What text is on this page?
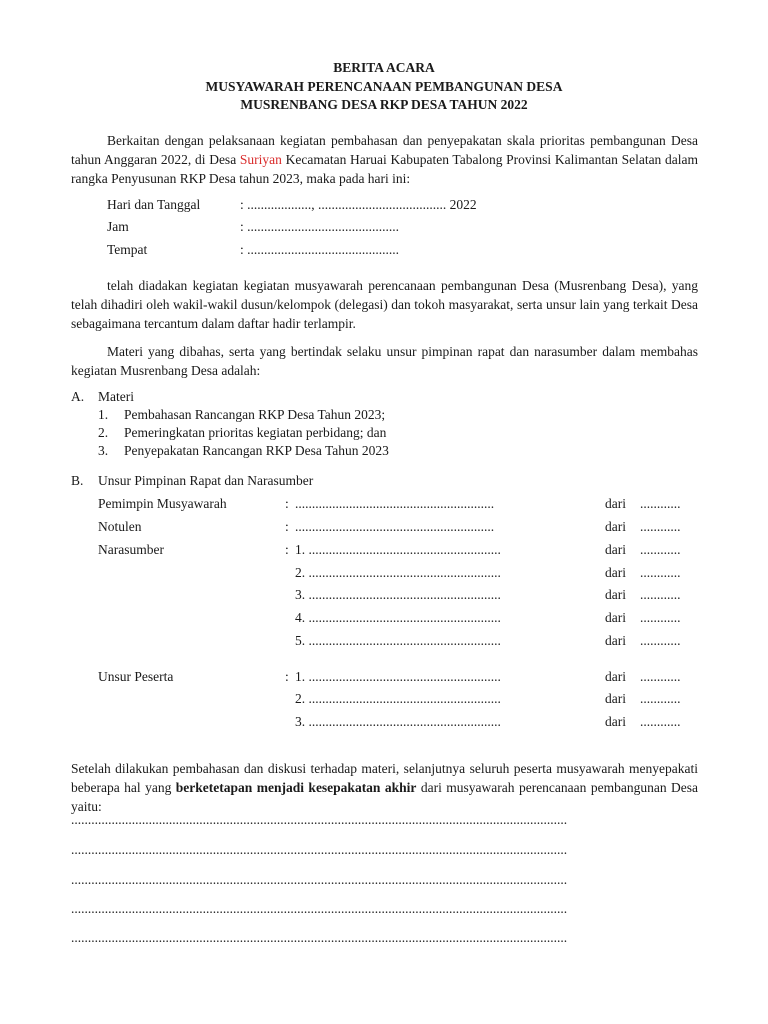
BERITA ACARA
MUSYAWARAH PERENCANAAN PEMBANGUNAN DESA
MUSRENBANG DESA RKP DESA TAHUN 2022
Berkaitan dengan pelaksanaan kegiatan pembahasan dan penyepakatan skala prioritas pembangunan Desa tahun Anggaran 2022, di Desa Suriyan Kecamatan Haruai Kabupaten Tabalong Provinsi Kalimantan Selatan dalam rangka Penyusunan RKP Desa tahun 2023, maka pada hari ini:
Hari dan Tanggal	: ..................., ...................................... 2022
Jam	: .............................................
Tempat	: .............................................
telah diadakan kegiatan kegiatan musyawarah perencanaan pembangunan Desa (Musrenbang Desa), yang telah dihadiri oleh wakil-wakil dusun/kelompok (delegasi) dan tokoh masyarakat, serta unsur lain yang terkait Desa sebagaimana tercantum dalam daftar hadir terlampir.
Materi yang dibahas, serta yang bertindak selaku unsur pimpinan rapat dan narasumber dalam membahas kegiatan Musrenbang Desa adalah:
A. Materi
1. Pembahasan Rancangan RKP Desa Tahun 2023;
2. Pemeringkatan prioritas kegiatan perbidang; dan
3. Penyepakatan Rancangan RKP Desa Tahun 2023
B. Unsur Pimpinan Rapat dan Narasumber
Pemimpin Musyawarah	: ...........................................................	dari ............
Notulen	: ...........................................................	dari ............
Narasumber	: 1. .........................................................	dari ............
2. .........................................................	dari ............
3. .........................................................	dari ............
4. .........................................................	dari ............
5. .........................................................	dari ............
Unsur Peserta	: 1. .........................................................	dari ............
2. .........................................................	dari ............
3. .........................................................	dari ............
Setelah dilakukan pembahasan dan diskusi terhadap materi, selanjutnya seluruh peserta musyawarah menyepakati beberapa hal yang berketetapan menjadi kesepakatan akhir dari musyawarah perencanaan pembangunan Desa yaitu:
...................................................................................................................................................
...................................................................................................................................................
...................................................................................................................................................
...................................................................................................................................................
...................................................................................................................................................
